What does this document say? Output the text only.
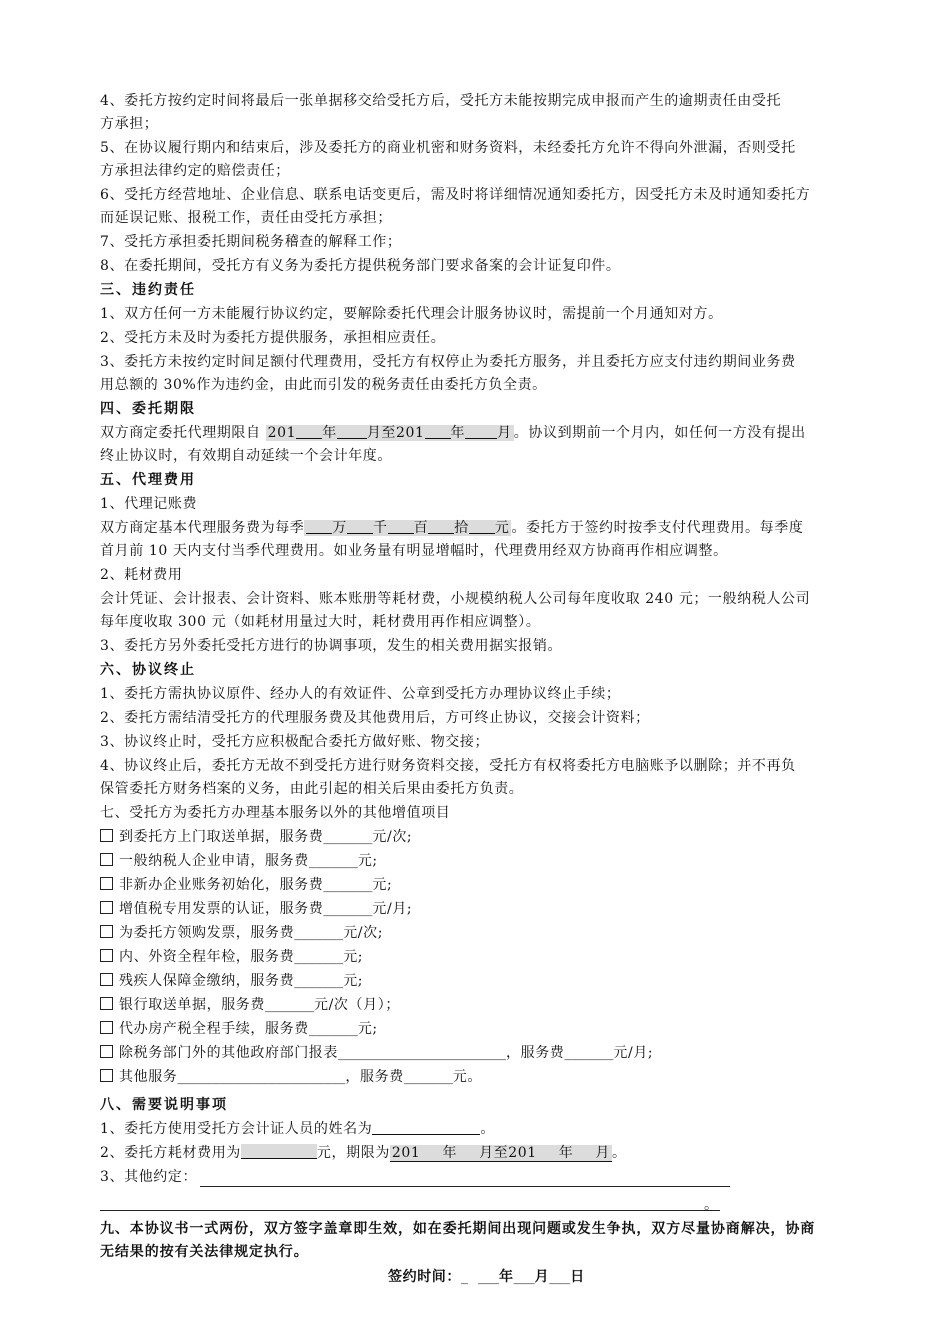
4、委托方按约定时间将最后一张单据移交给受托方后，受托方未能按期完成申报而产生的逾期责任由受托

方承担；

5、在协议履行期内和结束后，涉及委托方的商业机密和财务资料，未经委托方允许不得向外泄漏，否则受托

方承担法律约定的赔偿责任；

6、受托方经营地址、企业信息、联系电话变更后，需及时将详细情况通知委托方，因受托方未及时通知委托方

而延误记账、报税工作，责任由受托方承担；

7、受托方承担委托期间税务稽查的解释工作；

8、在委托期间，受托方有义务为委托方提供税务部门要求备案的会计证复印件。

三、违约责任

1、双方任何一方未能履行协议约定，要解除委托代理会计服务协议时，需提前一个月通知对方。

2、受托方未及时为委托方提供服务，承担相应责任。

3、委托方未按约定时间足额付代理费用，受托方有权停止为委托方服务，并且委托方应支付违约期间业务费

用总额的 30%作为违约金，由此而引发的税务责任由委托方负全责。

四、委托期限

双方商定委托代理期限自 201 年 月至201 年 月 。协议到期前一个月内，如任何一方没有提出

终止协议时，有效期自动延续一个会计年度。

五、代理费用

1、代理记账费

双方商定基本代理服务费为每季 万 千 百 拾 元 。委托方于签约时按季支付代理费用。每季度

首月前 10 天内支付当季代理费用。如业务量有明显增幅时，代理费用经双方协商再作相应调整。

2、耗材费用

会计凭证、会计报表、会计资料、账本账册等耗材费，小规模纳税人公司每年度收取 240 元；一般纳税人公司

每年度收取 300 元（如耗材用量过大时，耗材费用再作相应调整）。

3、委托方另外委托受托方进行的协调事项，发生的相关费用据实报销。

六、协议终止

1、委托方需执协议原件、经办人的有效证件、公章到受托方办理协议终止手续；

2、委托方需结清受托方的代理服务费及其他费用后，方可终止协议，交接会计资料；

3、协议终止时，受托方应积极配合委托方做好账、物交接；

4、协议终止后，委托方无故不到受托方进行财务资料交接，受托方有权将委托方电脑账予以删除；并不再负

保管委托方财务档案的义务，由此引起的相关后果由委托方负责。

七、受托方为委托方办理基本服务以外的其他增值项目

到委托方上门取送单据，服务费_______元/次;

一般纳税人企业申请，服务费_______元;

非新办企业账务初始化，服务费_______元;

增值税专用发票的认证，服务费_______元/月;

为委托方领购发票，服务费_______元/次;

内、外资全程年检，服务费_______元;

残疾人保障金缴纳，服务费_______元;

银行取送单据，服务费_______元/次（月）；

代办房产税全程手续，服务费_______元;

除税务部门外的其他政府部门报表________________________，服务费_______元/月;

其他服务________________________，服务费_______元。

八、需要说明事项

1、委托方使用受托方会计证人员的姓名为	。

2、委托方耗材费用为	元，期限为 201 年 月至201 年 月 。

3、其他约定：

。

九、本协议书一式两份，双方签字盖章即生效，如在委托期间出现问题或发生争执，双方尽量协商解决，协商

无结果的按有关法律规定执行。

签约时间：_ ___年___月___日
